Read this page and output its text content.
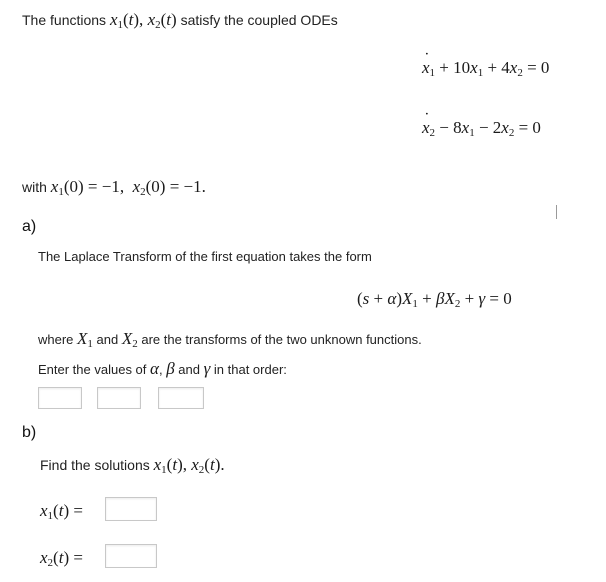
The functions $x_1(t)$, $x_2(t)$ satisfy the coupled ODEs
˙ $x_1 + 10x_1 + 4x_2 = 0$
˙ $x_2 - 8x_1 - 2x_2 = 0$
with $x_1(0) = -1$,  $x_2(0) = -1$.
a)
The Laplace Transform of the first equation takes the form
$(s + \alpha)X_1 + \beta X_2 + \gamma = 0$
where $X_1$ and $X_2$ are the transforms of the two unknown functions.
Enter the values of α, β and γ in that order:
b)
Find the solutions $x_1(t)$, $x_2(t)$.
$x_1(t)$ =
$x_2(t)$ =
